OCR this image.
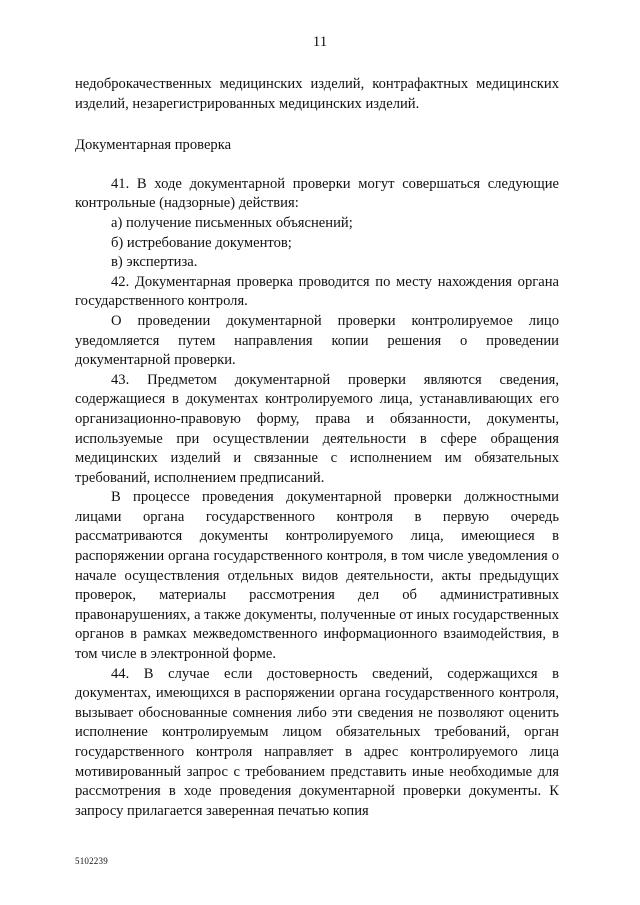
11

недоброкачественных медицинских изделий, контрафактных медицинских изделий, незарегистрированных медицинских изделий.

Документарная проверка

41. В ходе документарной проверки могут совершаться следующие контрольные (надзорные) действия:

а) получение письменных объяснений;

б) истребование документов;

в) экспертиза.

42. Документарная проверка проводится по месту нахождения органа государственного контроля.

О проведении документарной проверки контролируемое лицо уведомляется путем направления копии решения о проведении документарной проверки.

43. Предметом документарной проверки являются сведения, содержащиеся в документах контролируемого лица, устанавливающих его организационно-правовую форму, права и обязанности, документы, используемые при осуществлении деятельности в сфере обращения медицинских изделий и связанные с исполнением им обязательных требований, исполнением предписаний.

В процессе проведения документарной проверки должностными лицами органа государственного контроля в первую очередь рассматриваются документы контролируемого лица, имеющиеся в распоряжении органа государственного контроля, в том числе уведомления о начале осуществления отдельных видов деятельности, акты предыдущих проверок, материалы рассмотрения дел об административных правонарушениях, а также документы, полученные от иных государственных органов в рамках межведомственного информационного взаимодействия, в том числе в электронной форме.

44. В случае если достоверность сведений, содержащихся в документах, имеющихся в распоряжении органа государственного контроля, вызывает обоснованные сомнения либо эти сведения не позволяют оценить исполнение контролируемым лицом обязательных требований, орган государственного контроля направляет в адрес контролируемого лица мотивированный запрос с требованием представить иные необходимые для рассмотрения в ходе проведения документарной проверки документы. К запросу прилагается заверенная печатью копия

5102239
